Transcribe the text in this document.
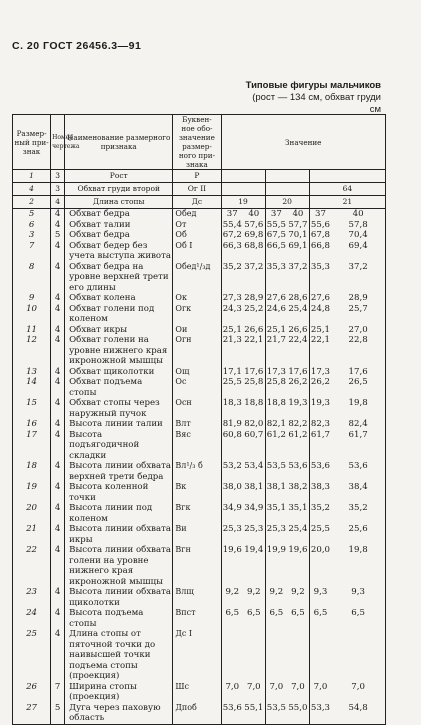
С. 20 ГОСТ 26456.3—91
Типовые фигуры мальчиков
(рост — 134 см, обхват груди
см
Размер- ный при- знак	Номер чертежа	Наименование размерного признака	Буквен- ное обо- значение размер- ного при- знака	Значение					
1	3	Рост	Р						
4	3	Обхват груди второй	Ог II					64	
2	4	Длина стопы	Дс	19		20		21	
5	4	Обхват бедра	Обед	37	40	37	40	37	40
6	4	Обхват талии	От	55,4	57,6	55,5	57,7	55,6	57,8
3	5	Обхват бедра	Об	67,2	69,8	67,5	70,1	67,8	70,4
7	4	Обхват бедер без учета выступа живота	Об I	66,3	68,8	66,5	69,1	66,8	69,4
8	4	Обхват бедра на уровне верхней трети его длины	Обед¹/₃д	35,2	37,2	35,3	37,2	35,3	37,2
9	4	Обхват колена	Ок	27,3	28,9	27,6	28,6	27,6	28,9
10	4	Обхват голени под коленом	Огк	24,3	25,2	24,6	25,4	24,8	25,7
11	4	Обхват икры	Ои	25,1	26,6	25,1	26,6	25,1	27,0
12	4	Обхват голени на уровне нижнего края икроножной мышцы	Огн	21,3	22,1	21,7	22,4	22,1	22,8
13	4	Обхват щиколотки	Ощ	17,1	17,6	17,3	17,6	17,3	17,6
14	4	Обхват подъема стопы	Ос	25,5	25,8	25,8	26,2	26,2	26,5
15	4	Обхват стопы через наружный пучок	Осн	18,3	18,8	18,8	19,3	19,3	19,8
16	4	Высота линии талии	Влт	81,9	82,0	82,1	82,2	82,3	82,4
17	4	Высота подъягодичной складки	Вяс	60,8	60,7	61,2	61,2	61,7	61,7
18	4	Высота линии обхвата верхней трети бедра	Вл¹/₃ б	53,2	53,4	53,5	53,6	53,6	53,6
19	4	Высота коленной точки	Вк	38,0	38,1	38,1	38,2	38,3	38,4
20	4	Высота линии под коленом	Вгк	34,9	34,9	35,1	35,1	35,2	35,2
21	4	Высота линии обхвата икры	Ви	25,3	25,3	25,3	25,4	25,5	25,6
22	4	Высота линии обхвата голени на уровне нижнего края икроножной мышцы	Вгн	19,6	19,4	19,9	19,6	20,0	19,8
23	4	Высота линии обхвата щиколотки	Влщ	9,2	9,2	9,2	9,2	9,3	9,3
24	4	Высота подъема стопы	Впст	6,5	6,5	6,5	6,5	6,5	6,5
25	4	Длина стопы от пяточной точки до наивысшей точки подъема стопы (проекция)	Дс I						
26	7	Ширина стопы (проекция)	Шс	7,0	7,0	7,0	7,0	7,0	7,0
27	5	Дуга через паховую область	Дпоб	53,6	55,1	53,5	55,0	53,3	54,8
